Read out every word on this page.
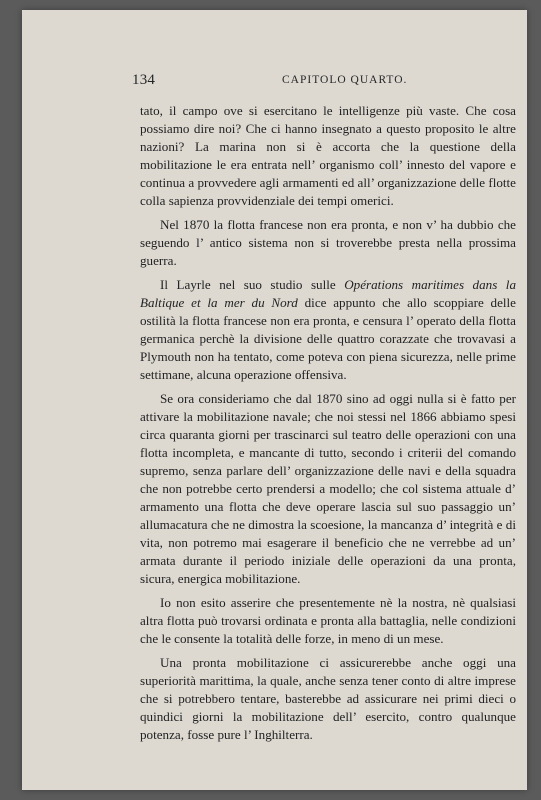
134	CAPITOLO QUARTO.

tato, il campo ove si esercitano le intelligenze più vaste. Che cosa possiamo dire noi? Che ci hanno insegnato a questo proposito le altre nazioni? La marina non si è accorta che la questione della mobilitazione le era entrata nell’ organismo coll’ innesto del vapore e continua a provvedere agli armamenti ed all’ organizzazione delle flotte colla sapienza provvidenziale dei tempi omerici.

Nel 1870 la flotta francese non era pronta, e non v’ ha dubbio che seguendo l’ antico sistema non si troverebbe presta nella prossima guerra.

Il Layrle nel suo studio sulle Opérations maritimes dans la Baltique et la mer du Nord dice appunto che allo scoppiare delle ostilità la flotta francese non era pronta, e censura l’ operato della flotta germanica perchè la divisione delle quattro corazzate che trovavasi a Plymouth non ha tentato, come poteva con piena sicurezza, nelle prime settimane, alcuna operazione offensiva.

Se ora consideriamo che dal 1870 sino ad oggi nulla si è fatto per attivare la mobilitazione navale; che noi stessi nel 1866 abbiamo spesi circa quaranta giorni per trascinarci sul teatro delle operazioni con una flotta incompleta, e mancante di tutto, secondo i criterii del comando supremo, senza parlare dell’ organizzazione delle navi e della squadra che non potrebbe certo prendersi a modello; che col sistema attuale d’ armamento una flotta che deve operare lascia sul suo passaggio un’ allumacatura che ne dimostra la scoesione, la mancanza d’ integrità e di vita, non potremo mai esagerare il beneficio che ne verrebbe ad un’ armata durante il periodo iniziale delle operazioni da una pronta, sicura, energica mobilitazione.

Io non esito asserire che presentemente nè la nostra, nè qualsiasi altra flotta può trovarsi ordinata e pronta alla battaglia, nelle condizioni che le consente la totalità delle forze, in meno di un mese.

Una pronta mobilitazione ci assicurerebbe anche oggi una superiorità marittima, la quale, anche senza tener conto di altre imprese che si potrebbero tentare, basterebbe ad assicurare nei primi dieci o quindici giorni la mobilitazione dell’ esercito, contro qualunque potenza, fosse pure l’ Inghilterra.
